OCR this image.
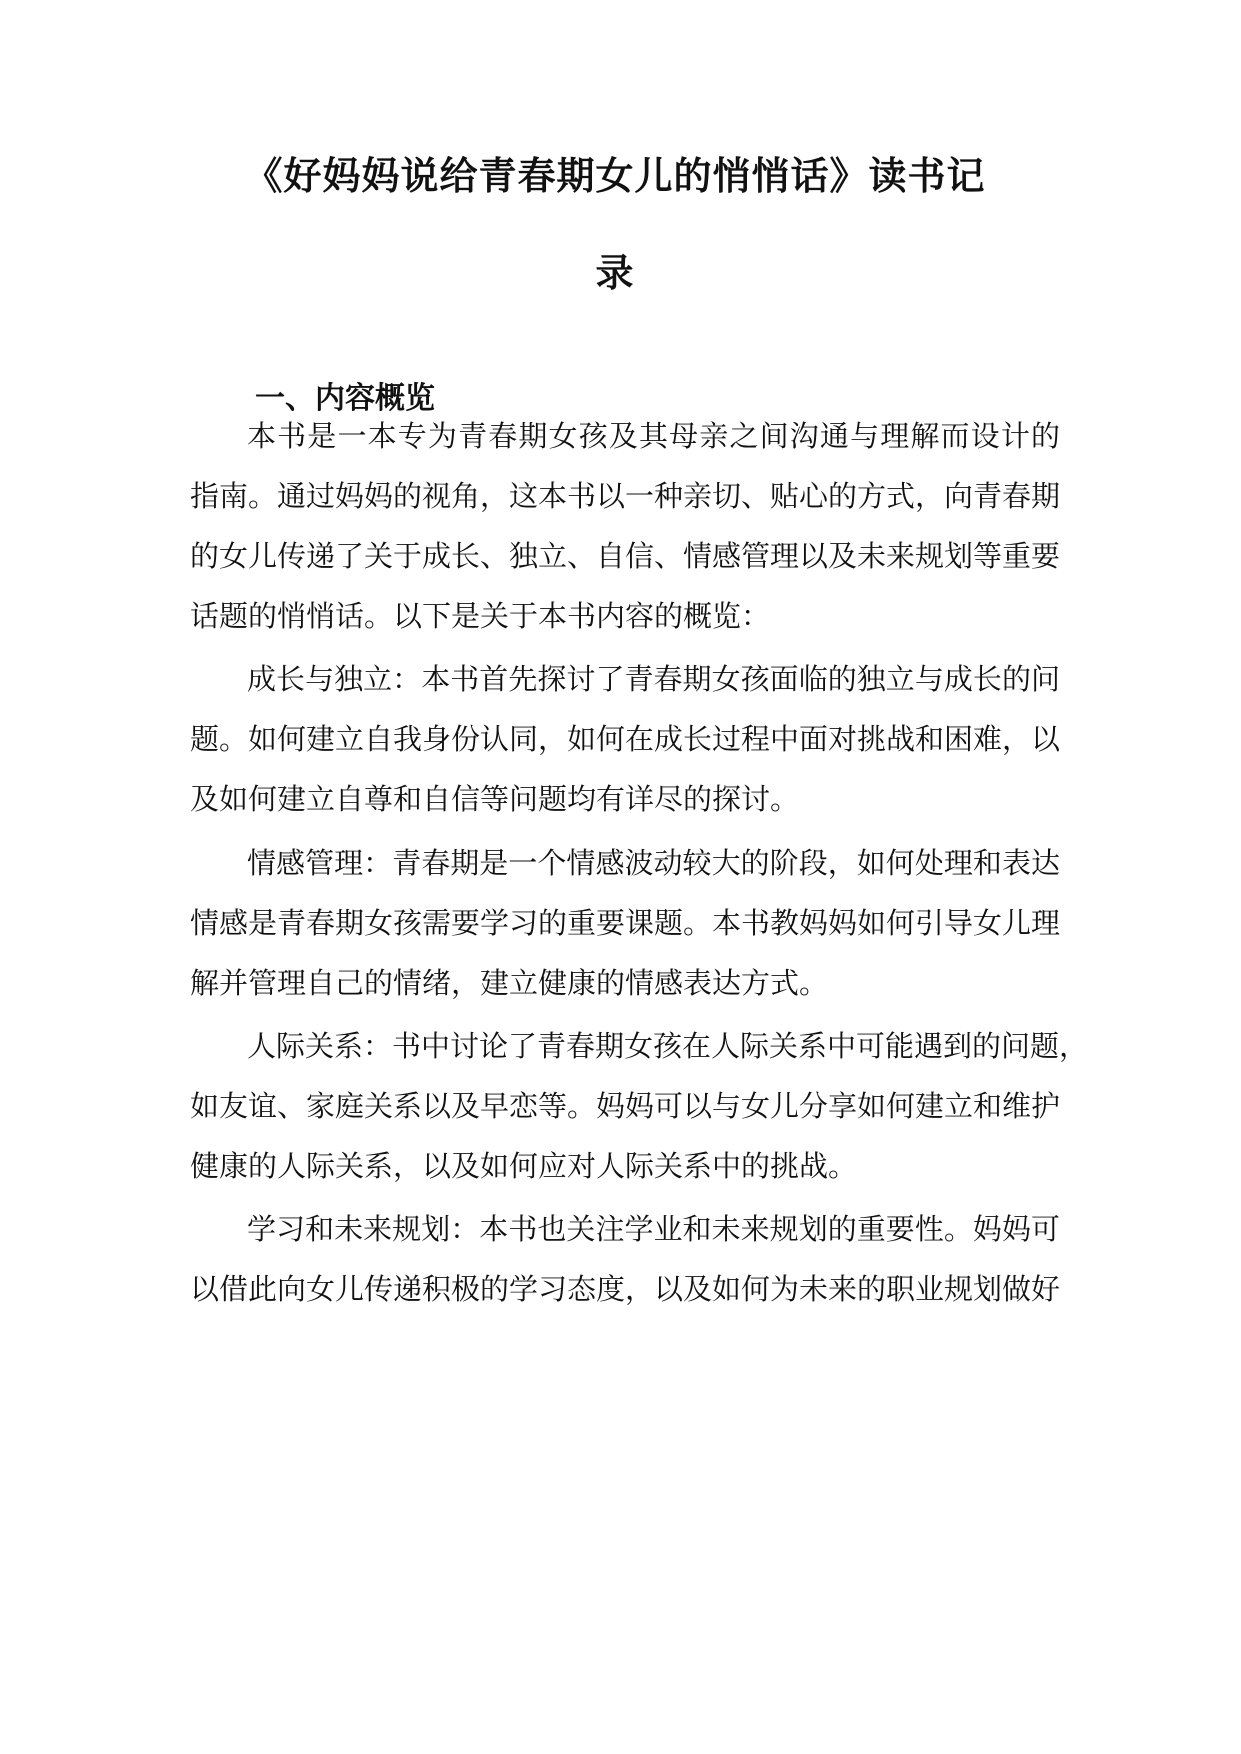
《好妈妈说给青春期女儿的悄悄话》读书记
录
一、内容概览
本书是一本专为青春期女孩及其母亲之间沟通与理解而设计的
指南。通过妈妈的视角，这本书以一种亲切、贴心的方式，向青春期
的女儿传递了关于成长、独立、自信、情感管理以及未来规划等重要
话题的悄悄话。以下是关于本书内容的概览：
成长与独立：本书首先探讨了青春期女孩面临的独立与成长的问
题。如何建立自我身份认同，如何在成长过程中面对挑战和困难，以
及如何建立自尊和自信等问题均有详尽的探讨。
情感管理：青春期是一个情感波动较大的阶段，如何处理和表达
情感是青春期女孩需要学习的重要课题。本书教妈妈如何引导女儿理
解并管理自己的情绪，建立健康的情感表达方式。
人际关系：书中讨论了青春期女孩在人际关系中可能遇到的问题，
如友谊、家庭关系以及早恋等。妈妈可以与女儿分享如何建立和维护
健康的人际关系，以及如何应对人际关系中的挑战。
学习和未来规划：本书也关注学业和未来规划的重要性。妈妈可
以借此向女儿传递积极的学习态度，以及如何为未来的职业规划做好
